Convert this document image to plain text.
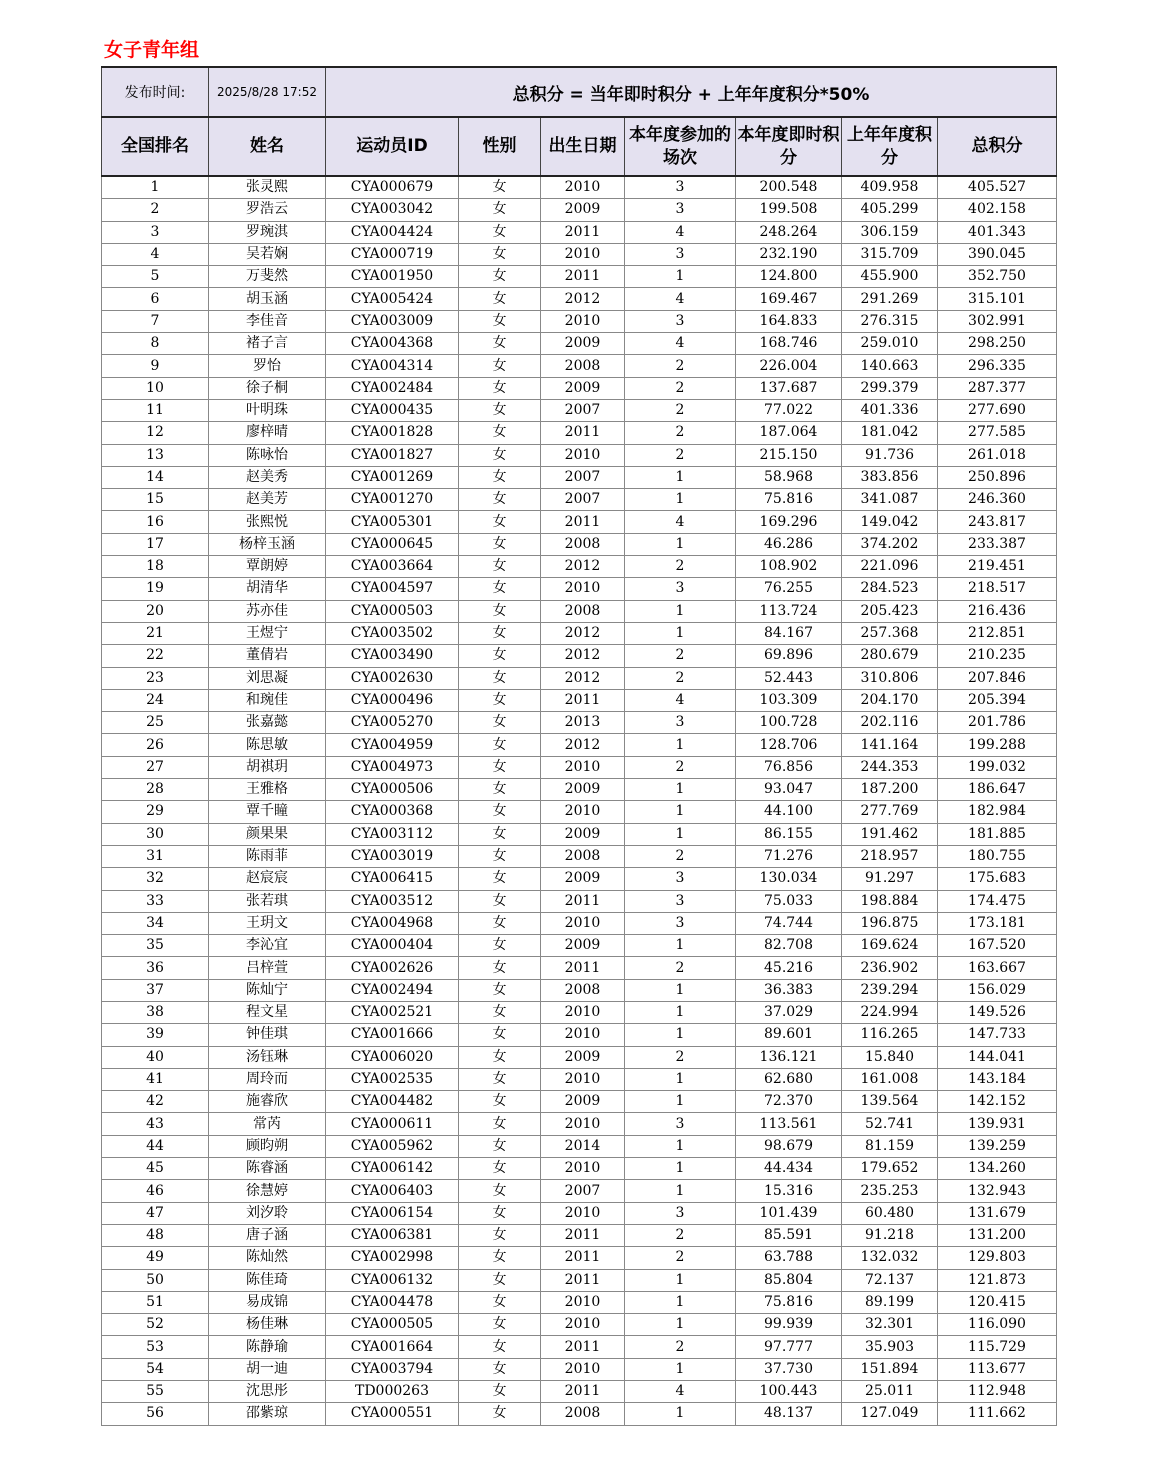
女子青年组
发布时间:	2025/8/28 17:52	总积分 = 当年即时积分 + 上年年度积分*50%						
全国排名	姓名	运动员ID	性别	出生日期	本年度参加的场次	本年度即时积分	上年年度积分	总积分
1	张灵熙	CYA000679	女	2010	3	200.548	409.958	405.527
2	罗浩云	CYA003042	女	2009	3	199.508	405.299	402.158
3	罗琬淇	CYA004424	女	2011	4	248.264	306.159	401.343
4	吴若娴	CYA000719	女	2010	3	232.190	315.709	390.045
5	万斐然	CYA001950	女	2011	1	124.800	455.900	352.750
6	胡玉涵	CYA005424	女	2012	4	169.467	291.269	315.101
7	李佳音	CYA003009	女	2010	3	164.833	276.315	302.991
8	褚子言	CYA004368	女	2009	4	168.746	259.010	298.250
9	罗怡	CYA004314	女	2008	2	226.004	140.663	296.335
10	徐子桐	CYA002484	女	2009	2	137.687	299.379	287.377
11	叶明珠	CYA000435	女	2007	2	77.022	401.336	277.690
12	廖梓晴	CYA001828	女	2011	2	187.064	181.042	277.585
13	陈咏怡	CYA001827	女	2010	2	215.150	91.736	261.018
14	赵美秀	CYA001269	女	2007	1	58.968	383.856	250.896
15	赵美芳	CYA001270	女	2007	1	75.816	341.087	246.360
16	张熙悦	CYA005301	女	2011	4	169.296	149.042	243.817
17	杨梓玉涵	CYA000645	女	2008	1	46.286	374.202	233.387
18	覃朗婷	CYA003664	女	2012	2	108.902	221.096	219.451
19	胡清华	CYA004597	女	2010	3	76.255	284.523	218.517
20	苏亦佳	CYA000503	女	2008	1	113.724	205.423	216.436
21	王煜宁	CYA003502	女	2012	1	84.167	257.368	212.851
22	董倩岩	CYA003490	女	2012	2	69.896	280.679	210.235
23	刘思凝	CYA002630	女	2012	2	52.443	310.806	207.846
24	和琬佳	CYA000496	女	2011	4	103.309	204.170	205.394
25	张嘉懿	CYA005270	女	2013	3	100.728	202.116	201.786
26	陈思敏	CYA004959	女	2012	1	128.706	141.164	199.288
27	胡祺玥	CYA004973	女	2010	2	76.856	244.353	199.032
28	王雅格	CYA000506	女	2009	1	93.047	187.200	186.647
29	覃千瞳	CYA000368	女	2010	1	44.100	277.769	182.984
30	颜果果	CYA003112	女	2009	1	86.155	191.462	181.885
31	陈雨菲	CYA003019	女	2008	2	71.276	218.957	180.755
32	赵宸宸	CYA006415	女	2009	3	130.034	91.297	175.683
33	张若琪	CYA003512	女	2011	3	75.033	198.884	174.475
34	王玥文	CYA004968	女	2010	3	74.744	196.875	173.181
35	李沁宜	CYA000404	女	2009	1	82.708	169.624	167.520
36	吕梓萱	CYA002626	女	2011	2	45.216	236.902	163.667
37	陈灿宁	CYA002494	女	2008	1	36.383	239.294	156.029
38	程文星	CYA002521	女	2010	1	37.029	224.994	149.526
39	钟佳琪	CYA001666	女	2010	1	89.601	116.265	147.733
40	汤钰琳	CYA006020	女	2009	2	136.121	15.840	144.041
41	周玲而	CYA002535	女	2010	1	62.680	161.008	143.184
42	施睿欣	CYA004482	女	2009	1	72.370	139.564	142.152
43	常芮	CYA000611	女	2010	3	113.561	52.741	139.931
44	顾昀朔	CYA005962	女	2014	1	98.679	81.159	139.259
45	陈睿涵	CYA006142	女	2010	1	44.434	179.652	134.260
46	徐慧婷	CYA006403	女	2007	1	15.316	235.253	132.943
47	刘汐聆	CYA006154	女	2010	3	101.439	60.480	131.679
48	唐子涵	CYA006381	女	2011	2	85.591	91.218	131.200
49	陈灿然	CYA002998	女	2011	2	63.788	132.032	129.803
50	陈佳琦	CYA006132	女	2011	1	85.804	72.137	121.873
51	易成锦	CYA004478	女	2010	1	75.816	89.199	120.415
52	杨佳琳	CYA000505	女	2010	1	99.939	32.301	116.090
53	陈静瑜	CYA001664	女	2011	2	97.777	35.903	115.729
54	胡一迪	CYA003794	女	2010	1	37.730	151.894	113.677
55	沈思彤	TD000263	女	2011	4	100.443	25.011	112.948
56	邵紫琼	CYA000551	女	2008	1	48.137	127.049	111.662
